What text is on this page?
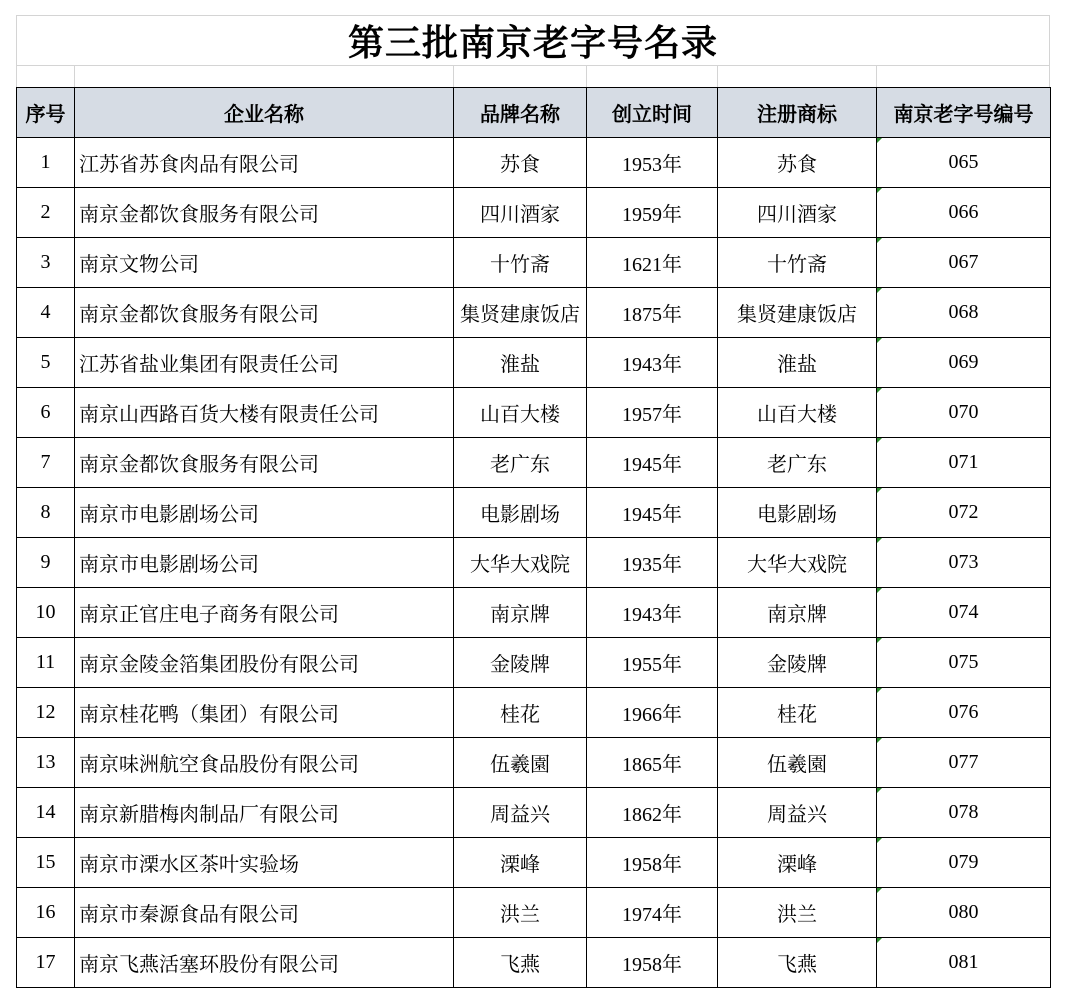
第三批南京老字号名录
序号	企业名称	品牌名称	创立时间	注册商标	南京老字号编号
1	江苏省苏食肉品有限公司	苏食	1953年	苏食	065
2	南京金都饮食服务有限公司	四川酒家	1959年	四川酒家	066
3	南京文物公司	十竹斋	1621年	十竹斋	067
4	南京金都饮食服务有限公司	集贤建康饭店	1875年	集贤建康饭店	068
5	江苏省盐业集团有限责任公司	淮盐	1943年	淮盐	069
6	南京山西路百货大楼有限责任公司	山百大楼	1957年	山百大楼	070
7	南京金都饮食服务有限公司	老广东	1945年	老广东	071
8	南京市电影剧场公司	电影剧场	1945年	电影剧场	072
9	南京市电影剧场公司	大华大戏院	1935年	大华大戏院	073
10	南京正官庄电子商务有限公司	南京牌	1943年	南京牌	074
11	南京金陵金箔集团股份有限公司	金陵牌	1955年	金陵牌	075
12	南京桂花鸭（集团）有限公司	桂花	1966年	桂花	076
13	南京味洲航空食品股份有限公司	伍羲園	1865年	伍羲園	077
14	南京新腊梅肉制品厂有限公司	周益兴	1862年	周益兴	078
15	南京市溧水区茶叶实验场	溧峰	1958年	溧峰	079
16	南京市秦源食品有限公司	洪兰	1974年	洪兰	080
17	南京飞燕活塞环股份有限公司	飞燕	1958年	飞燕	081
